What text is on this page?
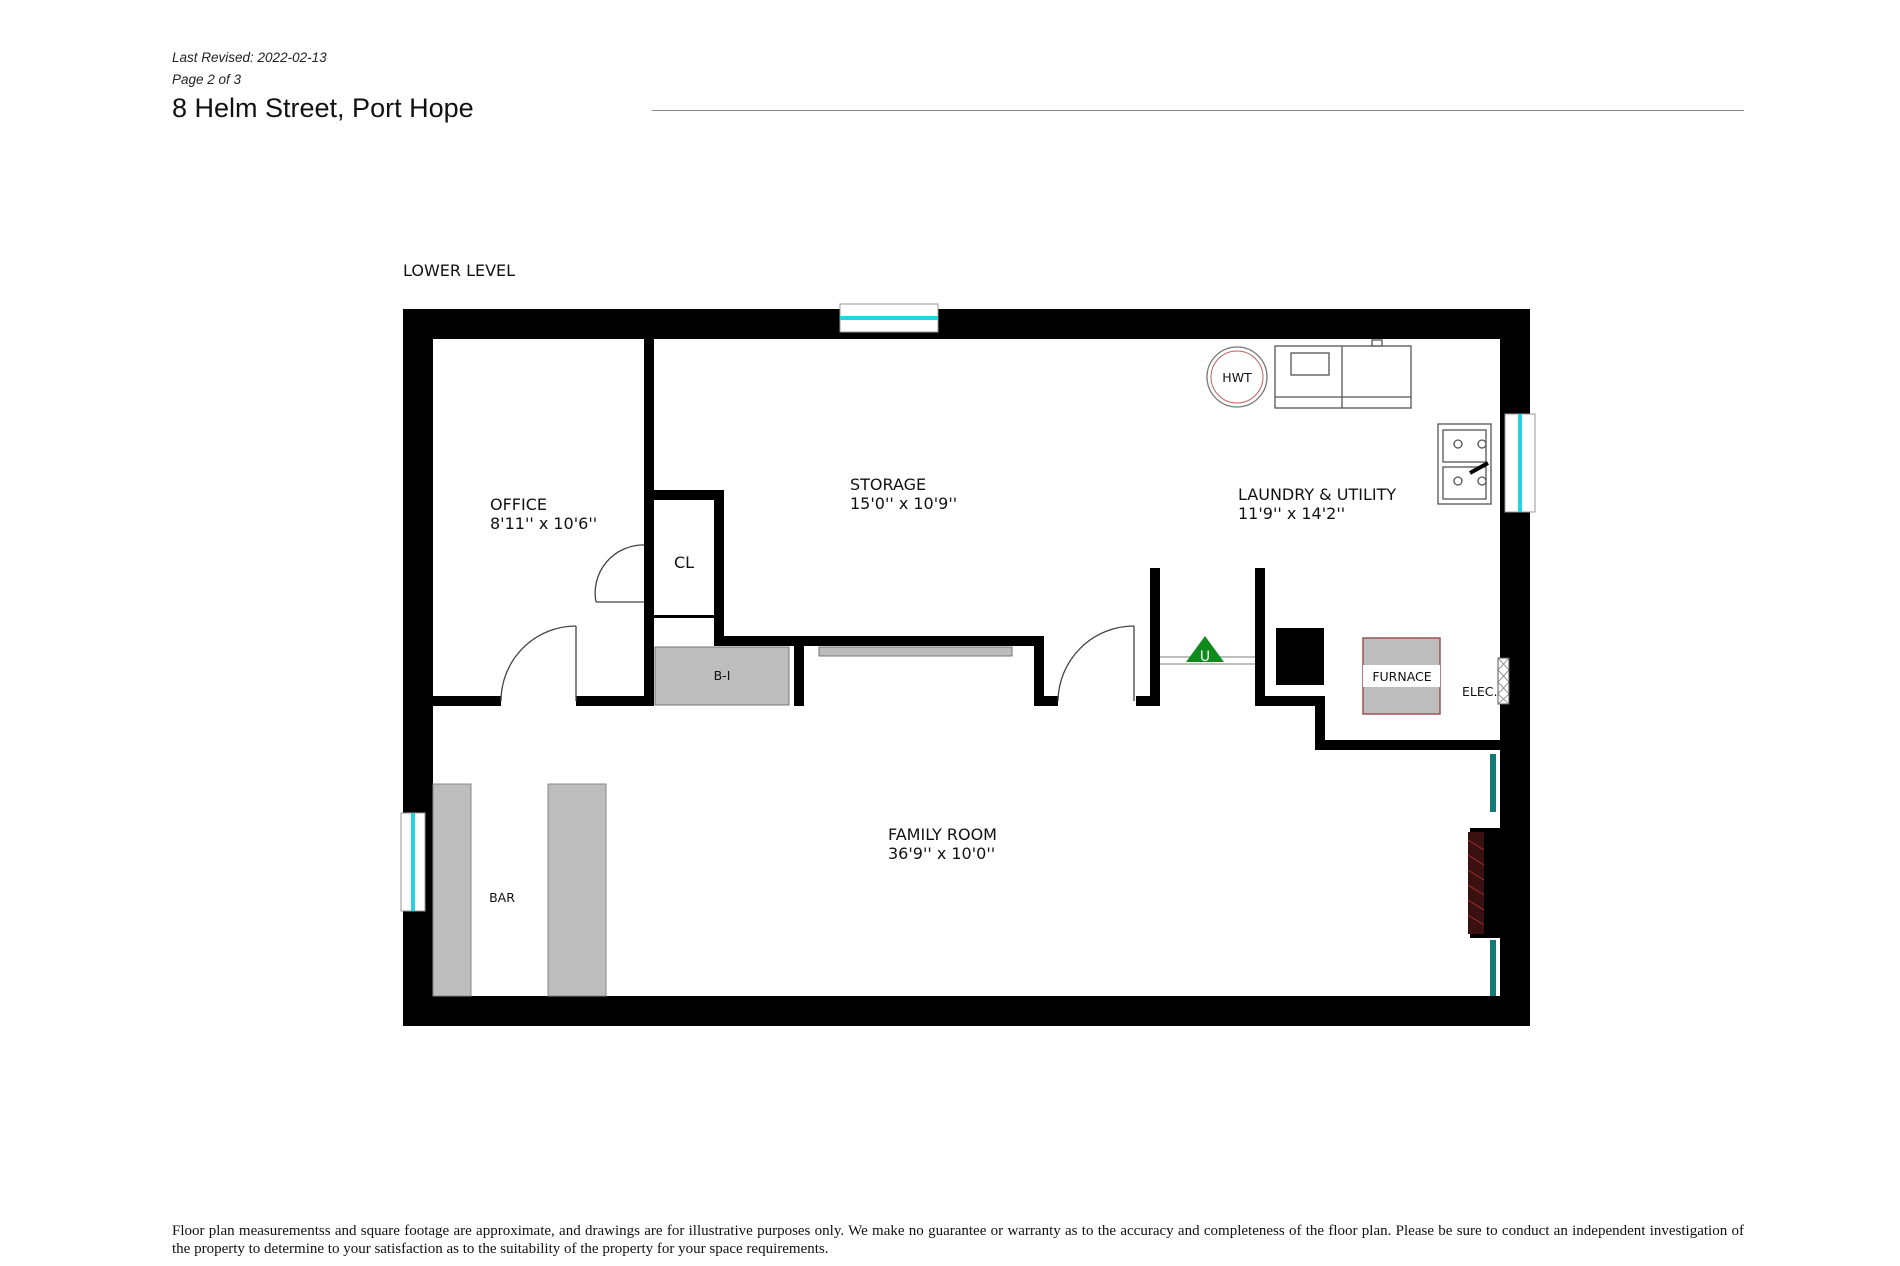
Last Revised: 2022-02-13
Page 2 of 3
8 Helm Street, Port Hope
LOWER LEVEL
U
B-I
HWT
FURNACE
ELEC.
BAR
CL
OFFICE
8'11'' x 10'6''
STORAGE
15'0'' x 10'9''	LAUNDRY & UTILITY
11'9'' x 14'2''
FAMILY ROOM
36'9'' x 10'0''
Floor plan measurementss and square footage are approximate, and drawings are for illustrative purposes only. We make no guarantee or warranty as to the accuracy and completeness of the floor plan. Please be sure to conduct an independent investigation of the property to determine to your satisfaction as to the suitability of the property for your space requirements.
